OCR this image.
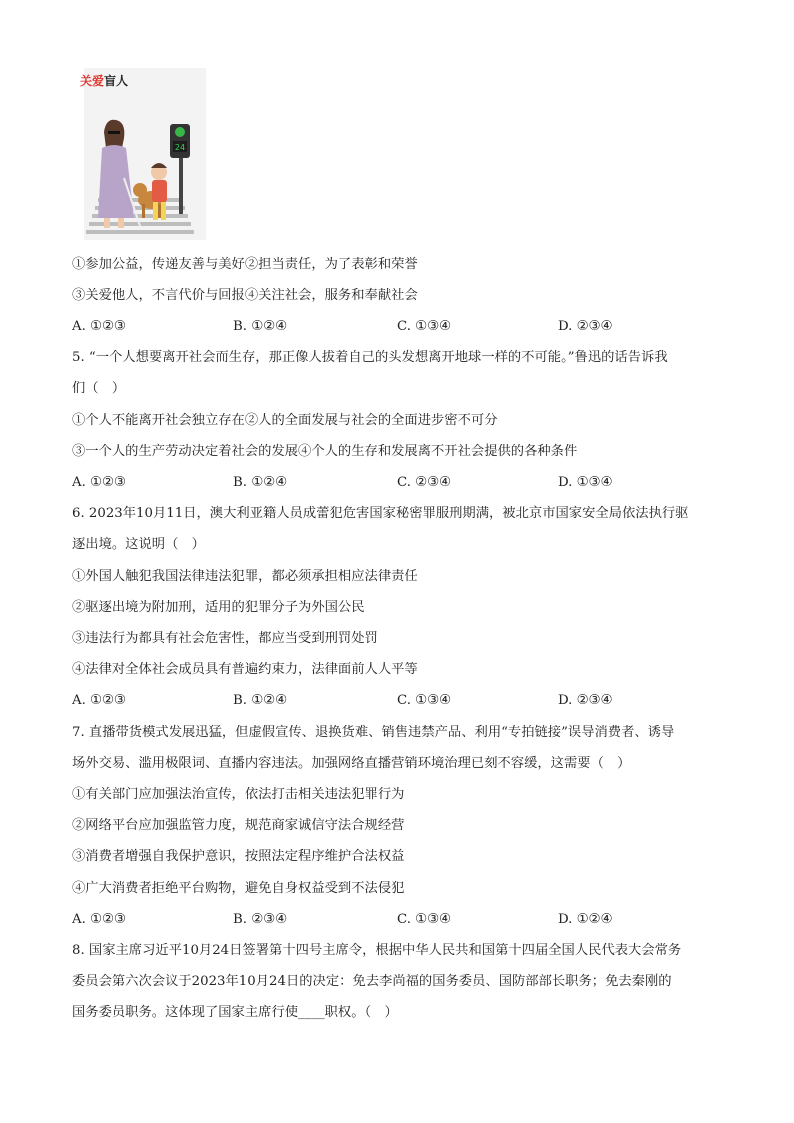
24
关爱盲人
①参加公益，传递友善与美好②担当责任，为了表彰和荣誉
③关爱他人，不言代价与回报④关注社会，服务和奉献社会
A. ①②③	B. ①②④	C. ①③④	D. ②③④
5. “一个人想要离开社会而生存，那正像人拔着自己的头发想离开地球一样的不可能。”鲁迅的话告诉我
们（　）
①个人不能离开社会独立存在②人的全面发展与社会的全面进步密不可分
③一个人的生产劳动决定着社会的发展④个人的生存和发展离不开社会提供的各种条件
A. ①②③	B. ①②④	C. ②③④	D. ①③④
6. 2023年10月11日，澳大利亚籍人员成蕾犯危害国家秘密罪服刑期满，被北京市国家安全局依法执行驱
逐出境。这说明（　）
①外国人触犯我国法律违法犯罪，都必须承担相应法律责任
②驱逐出境为附加刑，适用的犯罪分子为外国公民
③违法行为都具有社会危害性，都应当受到刑罚处罚
④法律对全体社会成员具有普遍约束力，法律面前人人平等
A. ①②③	B. ①②④	C. ①③④	D. ②③④
7. 直播带货模式发展迅猛，但虚假宣传、退换货难、销售违禁产品、利用“专拍链接”误导消费者、诱导
场外交易、滥用极限词、直播内容违法。加强网络直播营销环境治理已刻不容缓，这需要（　）
①有关部门应加强法治宣传，依法打击相关违法犯罪行为
②网络平台应加强监管力度，规范商家诚信守法合规经营
③消费者增强自我保护意识，按照法定程序维护合法权益
④广大消费者拒绝平台购物，避免自身权益受到不法侵犯
A. ①②③	B. ②③④	C. ①③④	D. ①②④
8. 国家主席习近平10月24日签署第十四号主席令，根据中华人民共和国第十四届全国人民代表大会常务
委员会第六次会议于2023年10月24日的决定：免去李尚福的国务委员、国防部部长职务；免去秦刚的
国务委员职务。这体现了国家主席行使____职权。（　）
